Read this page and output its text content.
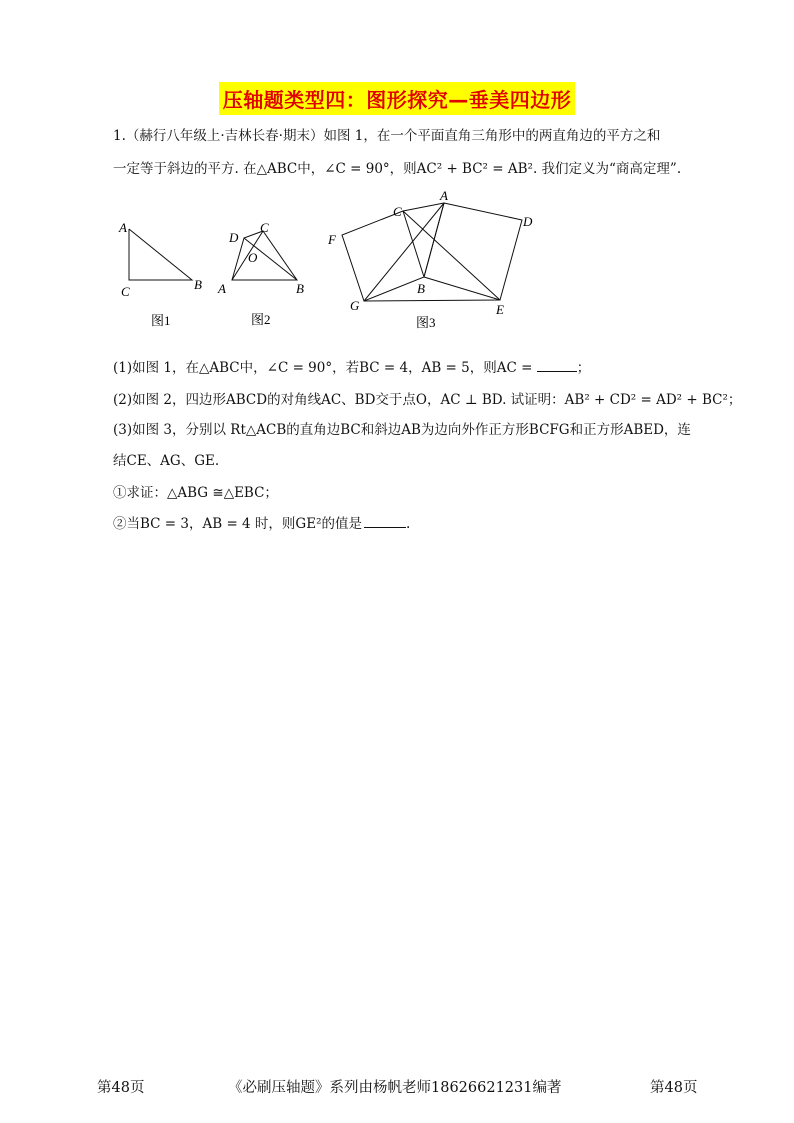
压轴题类型四：图形探究—垂美四边形
1.（赫行八年级上·吉林长春·期末）如图 1，在一个平面直角三角形中的两直角边的平方之和
一定等于斜边的平方. 在△ABC中，∠C = 90°，则AC² + BC² = AB². 我们定义为“商高定理”.
A
C	B
图1
D
C
O
A	B
图2
C
A
D
F
B
G	E
图3
(1)如图 1，在△ABC中，∠C = 90°，若BC = 4，AB = 5，则AC =	；
(2)如图 2，四边形ABCD的对角线AC、BD交于点O，AC ⊥ BD. 试证明：AB² + CD² = AD² + BC²；
(3)如图 3，分别以 Rt△ACB的直角边BC和斜边AB为边向外作正方形BCFG和正方形ABED，连
结CE、AG、GE.
①求证：△ABG ≅△EBC；
②当BC = 3，AB = 4 时，则GE²的值是	.
第48页	《必刷压轴题》系列由杨帆老师18626621231编著	第48页
